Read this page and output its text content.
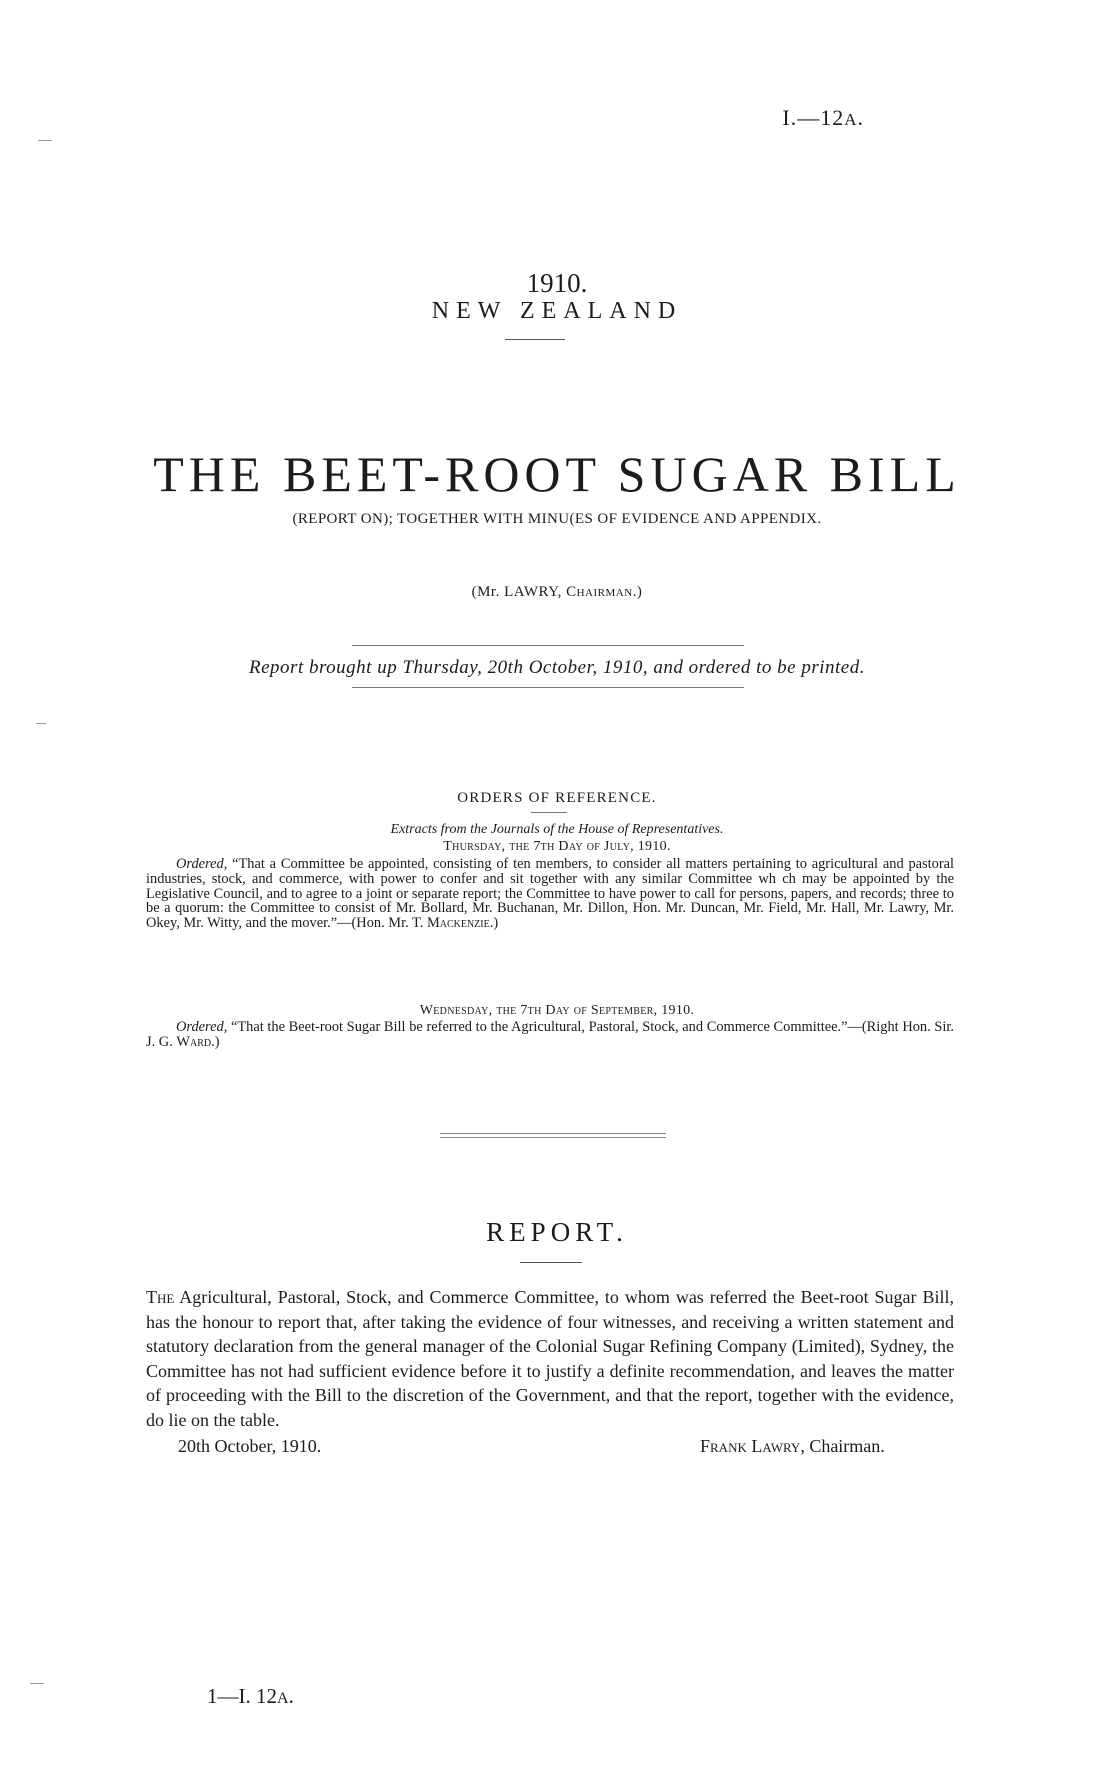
I.—12A.
1910.
NEW ZEALAND
THE BEET-ROOT SUGAR BILL
(REPORT ON); TOGETHER WITH MINU(ES OF EVIDENCE AND APPENDIX.
(Mr. LAWRY, Chairman.)
Report brought up Thursday, 20th October, 1910, and ordered to be printed.
ORDERS OF REFERENCE.
Extracts from the Journals of the House of Representatives.
Thursday, the 7th Day of July, 1910.
Ordered, “That a Committee be appointed, consisting of ten members, to consider all matters pertaining to agricultural and pastoral industries, stock, and commerce, with power to confer and sit together with any similar Committee wh ch may be appointed by the Legislative Council, and to agree to a joint or separate report; the Committee to have power to call for persons, papers, and records; three to be a quorum: the Committee to consist of Mr. Bollard, Mr. Buchanan, Mr. Dillon, Hon. Mr. Duncan, Mr. Field, Mr. Hall, Mr. Lawry, Mr. Okey, Mr. Witty, and the mover.”—(Hon. Mr. T. Mackenzie.)
Wednesday, the 7th Day of September, 1910.
Ordered, “That the Beet-root Sugar Bill be referred to the Agricultural, Pastoral, Stock, and Commerce Committee.”—(Right Hon. Sir. J. G. Ward.)
REPORT.
The Agricultural, Pastoral, Stock, and Commerce Committee, to whom was referred the Beet-root Sugar Bill, has the honour to report that, after taking the evidence of four witnesses, and receiving a written statement and statutory declaration from the general manager of the Colonial Sugar Refining Company (Limited), Sydney, the Committee has not had sufficient evidence before it to justify a definite recommendation, and leaves the matter of proceeding with the Bill to the discretion of the Government, and that the report, together with the evidence, do lie on the table.
20th October, 1910.	Frank Lawry, Chairman.
1—I. 12A.
